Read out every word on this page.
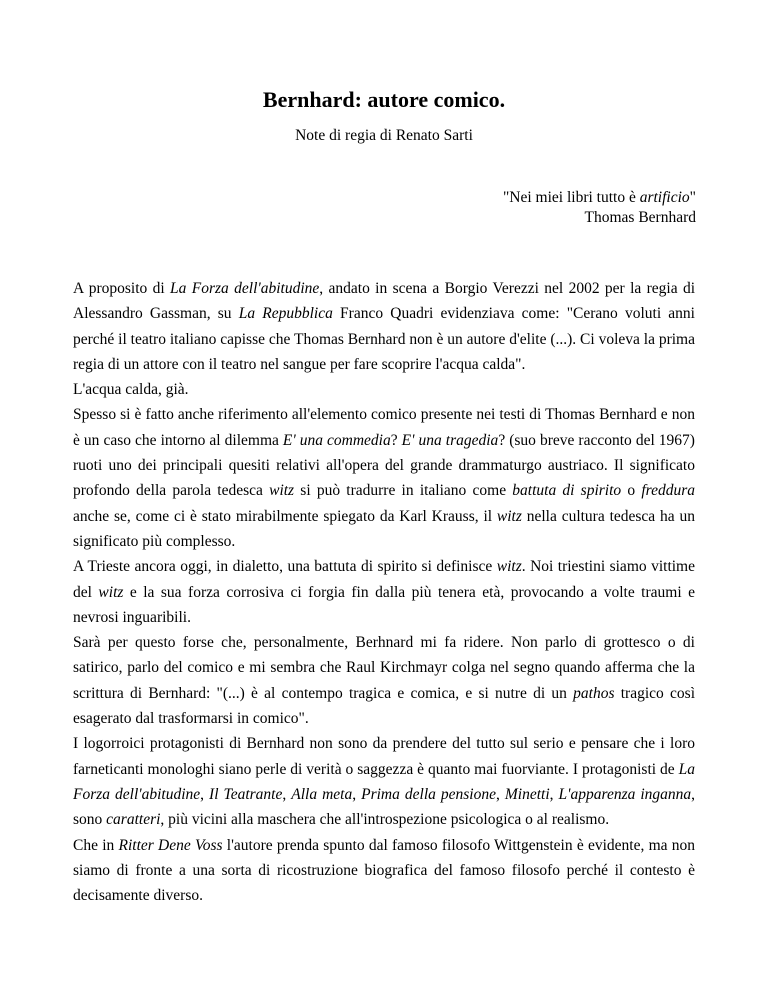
Bernhard: autore comico.
Note di regia di Renato Sarti
"Nei miei libri tutto è artificio"
Thomas Bernhard

A proposito di La Forza dell'abitudine, andato in scena a Borgio Verezzi nel 2002 per la regia di Alessandro Gassman, su La Repubblica Franco Quadri evidenziava come: "Cerano voluti anni perché il teatro italiano capisse che Thomas Bernhard non è un autore d'elite (...). Ci voleva la prima regia di un attore con il teatro nel sangue per fare scoprire l'acqua calda".

L'acqua calda, già.

Spesso si è fatto anche riferimento all'elemento comico presente nei testi di Thomas Bernhard e non è un caso che intorno al dilemma E' una commedia? E' una tragedia? (suo breve racconto del 1967) ruoti uno dei principali quesiti relativi all'opera del grande drammaturgo austriaco. Il significato profondo della parola tedesca witz si può tradurre in italiano come battuta di spirito o freddura anche se, come ci è stato mirabilmente spiegato da Karl Krauss, il witz nella cultura tedesca ha un significato più complesso.

A Trieste ancora oggi, in dialetto, una battuta di spirito si definisce witz. Noi triestini siamo vittime del witz e la sua forza corrosiva ci forgia fin dalla più tenera età, provocando a volte traumi e nevrosi inguaribili.

Sarà per questo forse che, personalmente, Berhnard mi fa ridere. Non parlo di grottesco o di satirico, parlo del comico e mi sembra che Raul Kirchmayr colga nel segno quando afferma che la scrittura di Bernhard: "(...) è al contempo tragica e comica, e si nutre di un pathos tragico così esagerato dal trasformarsi in comico".

I logorroici protagonisti di Bernhard non sono da prendere del tutto sul serio e pensare che i loro farneticanti monologhi siano perle di verità o saggezza è quanto mai fuorviante. I protagonisti de La Forza dell'abitudine, Il Teatrante, Alla meta, Prima della pensione, Minetti, L'apparenza inganna, sono caratteri, più vicini alla maschera che all'introspezione psicologica o al realismo.

Che in Ritter Dene Voss l'autore prenda spunto dal famoso filosofo Wittgenstein è evidente, ma non siamo di fronte a una sorta di ricostruzione biografica del famoso filosofo perché il contesto è decisamente diverso.
